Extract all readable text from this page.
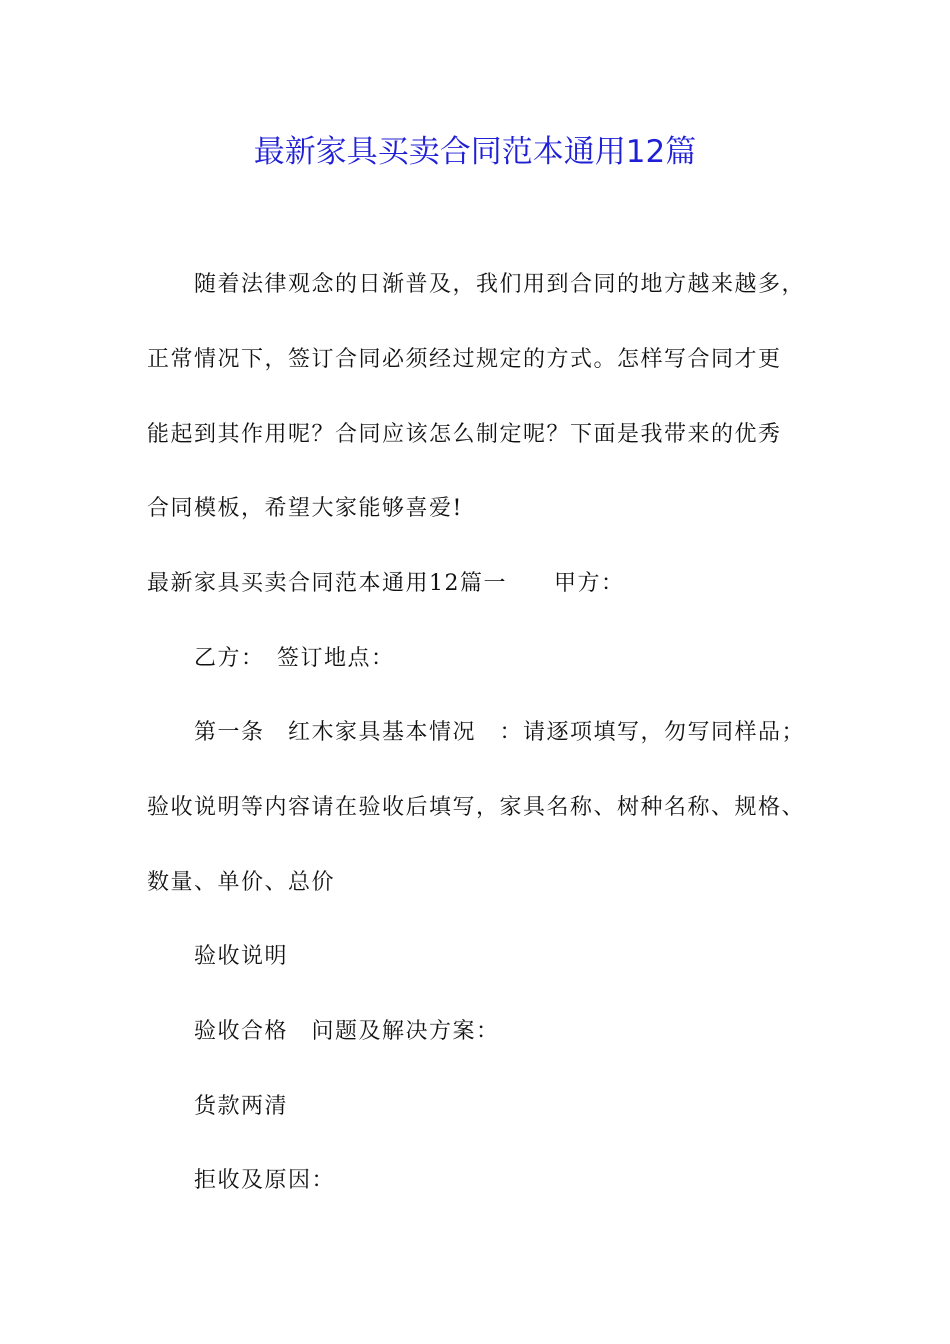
最新家具买卖合同范本通用12篇
随着法律观念的日渐普及，我们用到合同的地方越来越多，
正常情况下，签订合同必须经过规定的方式。怎样写合同才更
能起到其作用呢？合同应该怎么制定呢？下面是我带来的优秀
合同模板，希望大家能够喜爱!
最新家具买卖合同范本通用12篇一　　甲方：
乙方：　签订地点：
第一条　红木家具基本情况　：请逐项填写，勿写同样品；
验收说明等内容请在验收后填写，家具名称、树种名称、规格、
数量、单价、总价
验收说明
验收合格　问题及解决方案：
货款两清
拒收及原因：
